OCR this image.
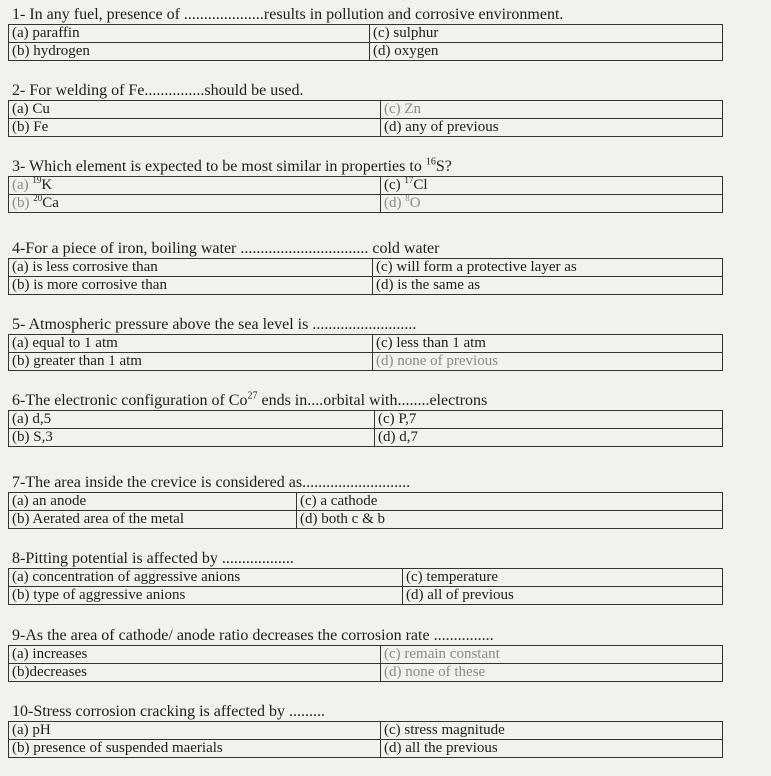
1- In any fuel, presence of ....................results in pollution and corrosive environment.
(a) paraffin	(c) sulphur
(b) hydrogen	(d) oxygen
2- For welding of Fe...............should be used.
(a) Cu	(c) Zn
(b) Fe	(d) any of previous
3- Which element is expected to be most similar in properties to $^{16}$S?
(a) $^{19}$K	(c) $^{17}$Cl
(b) $^{20}$Ca	(d) $^8$O
4-For a piece of iron, boiling water ................................ cold water
(a) is less corrosive than	(c) will form a protective layer as
(b) is more corrosive than	(d) is the same as
5- Atmospheric pressure above the sea level is ..........................
(a) equal to 1 atm	(c) less than 1 atm
(b) greater than 1 atm	(d) none of previous
6-The electronic configuration of Co$^{27}$ ends in....orbital with........electrons
(a) d,5	(c) P,7
(b) S,3	(d) d,7
7-The area inside the crevice is considered as...........................
(a) an anode	(c) a cathode
(b) Aerated area of the metal	(d) both c & b
8-Pitting potential is affected by ..................
(a) concentration of aggressive anions	(c) temperature
(b) type of aggressive anions	(d) all of previous
9-As the area of cathode/ anode ratio decreases the corrosion rate ...............
(a) increases	(c) remain constant
(b)decreases	(d) none of these
10-Stress corrosion cracking is affected by .........
(a) pH	(c) stress magnitude
(b) presence of suspended maerials	(d) all the previous
